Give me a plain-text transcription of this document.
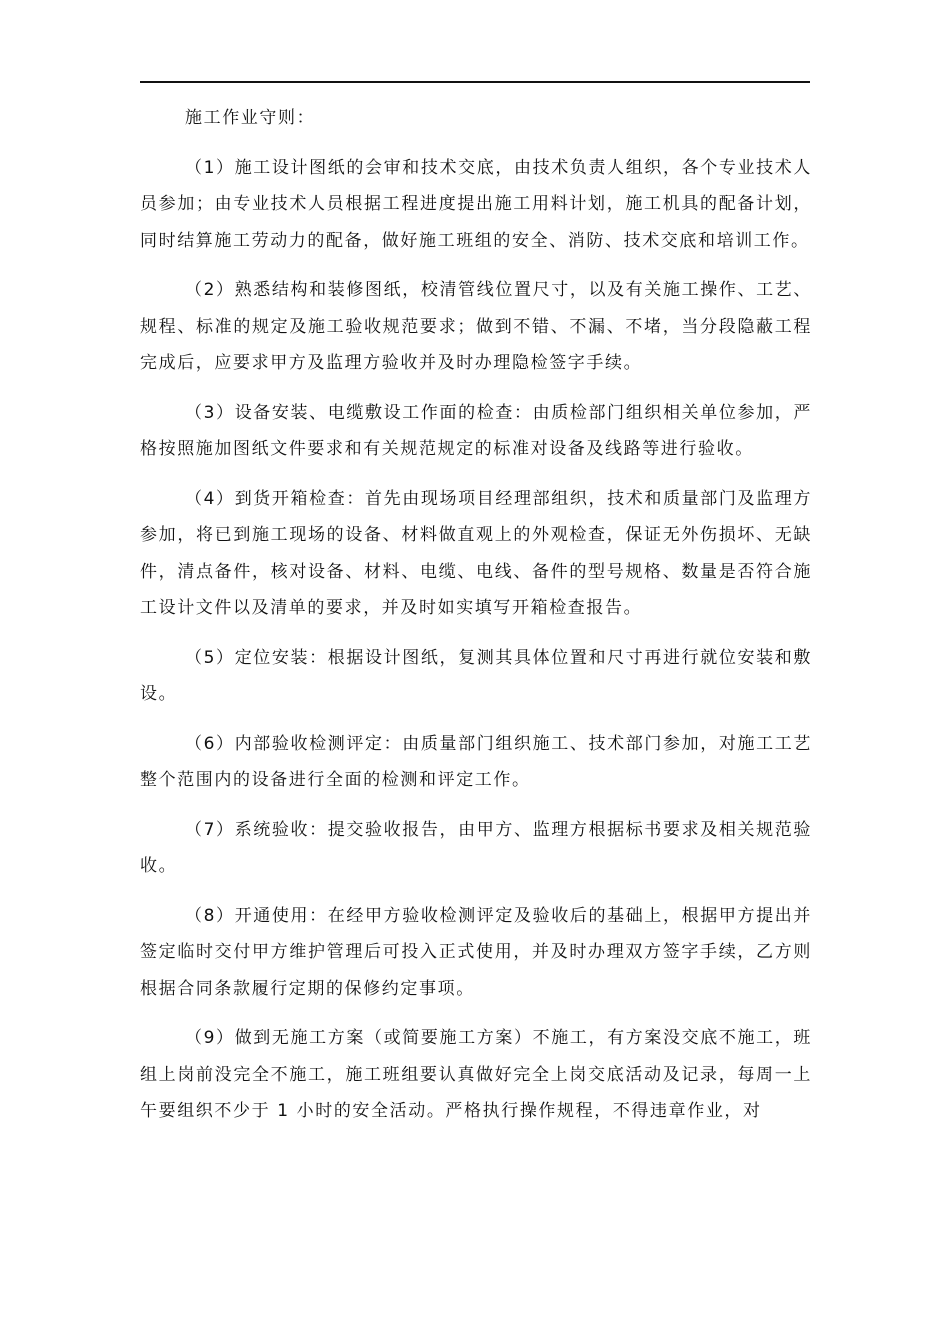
施工作业守则：

（1）施工设计图纸的会审和技术交底，由技术负责人组织，各个专业技术人员参加；由专业技术人员根据工程进度提出施工用料计划，施工机具的配备计划，同时结算施工劳动力的配备，做好施工班组的安全、消防、技术交底和培训工作。

（2）熟悉结构和装修图纸，校清管线位置尺寸，以及有关施工操作、工艺、规程、标准的规定及施工验收规范要求；做到不错、不漏、不堵，当分段隐蔽工程完成后，应要求甲方及监理方验收并及时办理隐检签字手续。

（3）设备安装、电缆敷设工作面的检查：由质检部门组织相关单位参加，严格按照施加图纸文件要求和有关规范规定的标准对设备及线路等进行验收。

（4）到货开箱检查：首先由现场项目经理部组织，技术和质量部门及监理方参加，将已到施工现场的设备、材料做直观上的外观检查，保证无外伤损坏、无缺件，清点备件，核对设备、材料、电缆、电线、备件的型号规格、数量是否符合施工设计文件以及清单的要求，并及时如实填写开箱检查报告。

（5）定位安装：根据设计图纸，复测其具体位置和尺寸再进行就位安装和敷设。

（6）内部验收检测评定：由质量部门组织施工、技术部门参加，对施工工艺整个范围内的设备进行全面的检测和评定工作。

（7）系统验收：提交验收报告，由甲方、监理方根据标书要求及相关规范验收。

（8）开通使用：在经甲方验收检测评定及验收后的基础上，根据甲方提出并签定临时交付甲方维护管理后可投入正式使用，并及时办理双方签字手续，乙方则根据合同条款履行定期的保修约定事项。

（9）做到无施工方案（或简要施工方案）不施工，有方案没交底不施工，班组上岗前没完全不施工，施工班组要认真做好完全上岗交底活动及记录，每周一上午要组织不少于 1 小时的安全活动。严格执行操作规程，不得违章作业，对
